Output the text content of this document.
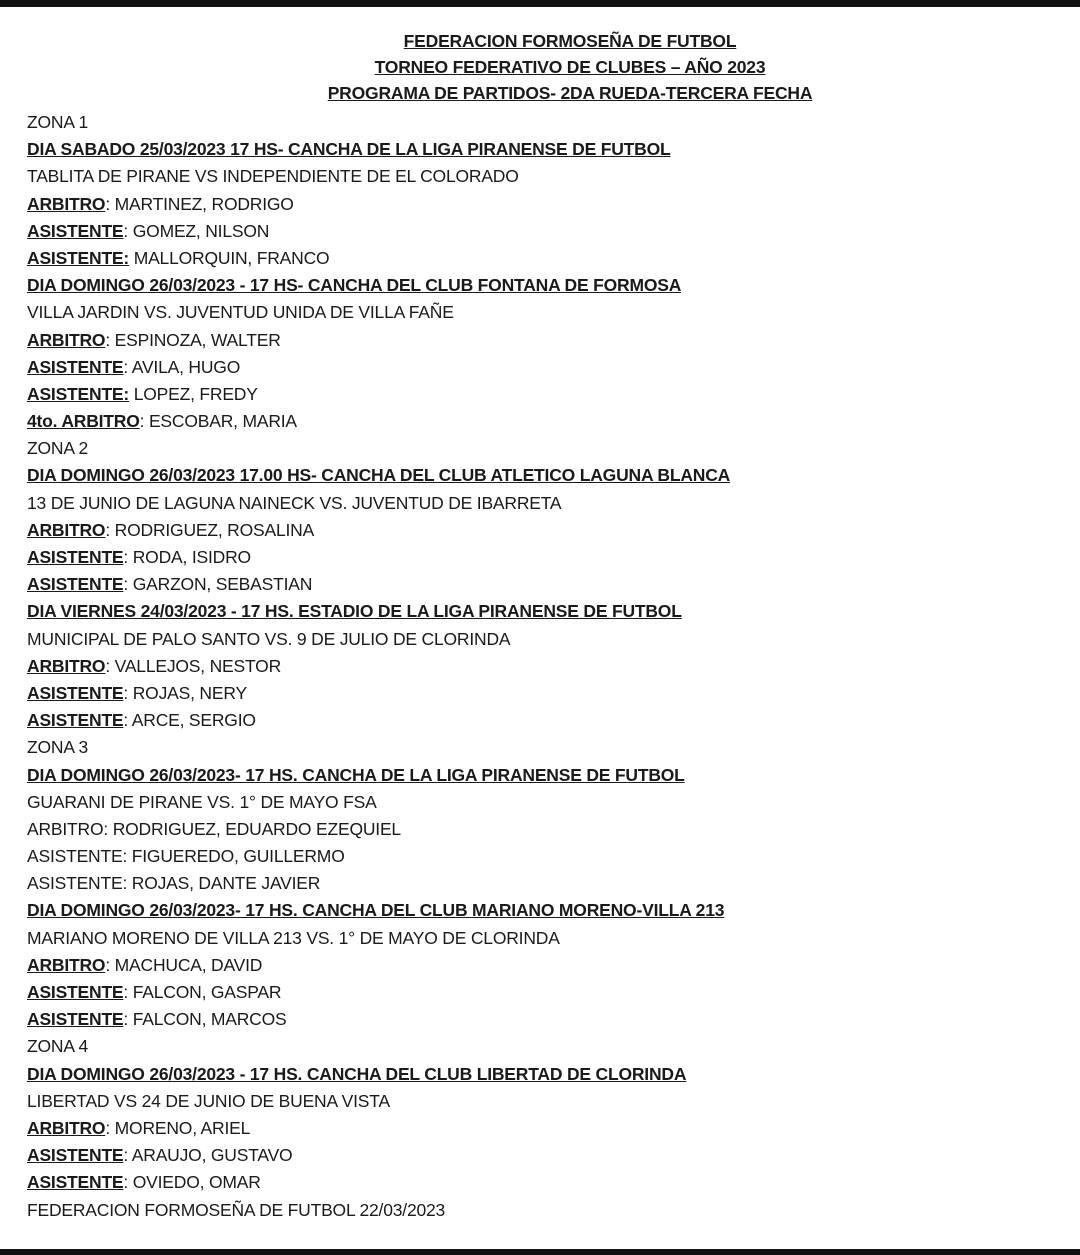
FEDERACION FORMOSEÑA DE FUTBOL
TORNEO FEDERATIVO DE CLUBES – AÑO 2023
PROGRAMA DE PARTIDOS- 2DA RUEDA-TERCERA FECHA
ZONA 1
DIA SABADO 25/03/2023 17 HS- CANCHA DE LA LIGA PIRANENSE DE FUTBOL
TABLITA DE PIRANE VS INDEPENDIENTE DE EL COLORADO
ARBITRO: MARTINEZ, RODRIGO
ASISTENTE: GOMEZ, NILSON
ASISTENTE: MALLORQUIN, FRANCO
DIA DOMINGO 26/03/2023 - 17 HS- CANCHA DEL CLUB FONTANA DE FORMOSA
VILLA JARDIN VS. JUVENTUD UNIDA DE VILLA FAÑE
ARBITRO: ESPINOZA, WALTER
ASISTENTE: AVILA, HUGO
ASISTENTE: LOPEZ, FREDY
4to. ARBITRO: ESCOBAR, MARIA
ZONA 2
DIA DOMINGO 26/03/2023 17.00 HS- CANCHA DEL CLUB ATLETICO LAGUNA BLANCA
13 DE JUNIO DE LAGUNA NAINECK VS. JUVENTUD DE IBARRETA
ARBITRO: RODRIGUEZ, ROSALINA
ASISTENTE: RODA, ISIDRO
ASISTENTE: GARZON, SEBASTIAN
DIA VIERNES 24/03/2023 - 17 HS. ESTADIO DE LA LIGA PIRANENSE DE FUTBOL
MUNICIPAL DE PALO SANTO VS. 9 DE JULIO DE CLORINDA
ARBITRO: VALLEJOS, NESTOR
ASISTENTE: ROJAS, NERY
ASISTENTE: ARCE, SERGIO
ZONA 3
DIA DOMINGO 26/03/2023- 17 HS. CANCHA DE LA LIGA PIRANENSE DE FUTBOL
GUARANI DE PIRANE VS. 1° DE MAYO FSA
ARBITRO: RODRIGUEZ, EDUARDO EZEQUIEL
ASISTENTE: FIGUEREDO, GUILLERMO
ASISTENTE: ROJAS, DANTE JAVIER
DIA DOMINGO 26/03/2023- 17 HS. CANCHA DEL CLUB MARIANO MORENO-VILLA 213
MARIANO MORENO DE VILLA 213 VS. 1° DE MAYO DE CLORINDA
ARBITRO: MACHUCA, DAVID
ASISTENTE: FALCON, GASPAR
ASISTENTE: FALCON, MARCOS
ZONA 4
DIA DOMINGO 26/03/2023 - 17 HS. CANCHA DEL CLUB LIBERTAD DE CLORINDA
LIBERTAD VS 24 DE JUNIO DE BUENA VISTA
ARBITRO: MORENO, ARIEL
ASISTENTE: ARAUJO, GUSTAVO
ASISTENTE: OVIEDO, OMAR
FEDERACION FORMOSEÑA DE FUTBOL 22/03/2023
